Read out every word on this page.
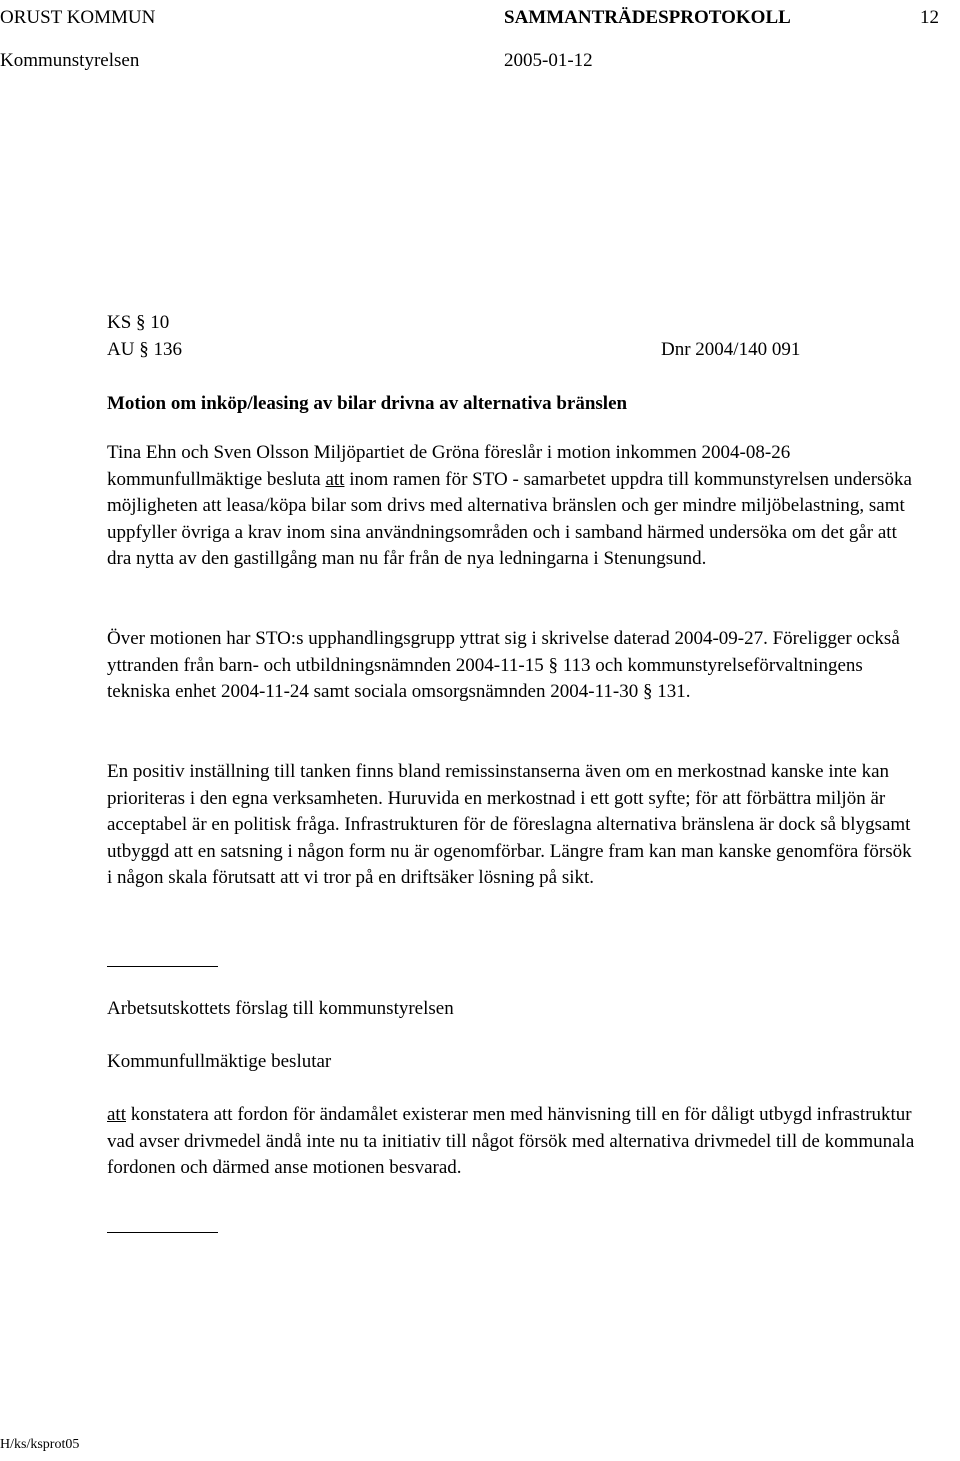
ORUST KOMMUN	SAMMANTRÄDESPROTOKOLL	12
Kommunstyrelsen	2005-01-12
KS § 10
AU § 136	Dnr 2004/140 091
Motion om inköp/leasing av bilar drivna av alternativa bränslen

Tina Ehn och Sven Olsson Miljöpartiet de Gröna föreslår i motion inkommen 2004-08-26 kommunfullmäktige besluta att inom ramen för STO - samarbetet uppdra till kommunstyrelsen undersöka möjligheten att leasa/köpa bilar som drivs med alternativa bränslen och ger mindre miljöbelastning, samt uppfyller övriga a krav inom sina användningsområden och i samband härmed undersöka om det går att dra nytta av den gastillgång man nu får från de nya ledningarna i Stenungsund.

Över motionen har STO:s upphandlingsgrupp yttrat sig i skrivelse daterad 2004-09-27. Föreligger också yttranden från barn- och utbildningsnämnden 2004-11-15 § 113 och kommunstyrelseförvaltningens tekniska enhet 2004-11-24 samt sociala omsorgsnämnden 2004-11-30 § 131.

En positiv inställning till tanken finns bland remissinstanserna även om en merkostnad kanske inte kan prioriteras i den egna verksamheten. Huruvida en merkostnad i ett gott syfte; för att förbättra miljön är acceptabel är en politisk fråga. Infrastrukturen för de föreslagna alternativa bränslena är dock så blygsamt utbyggd att en satsning i någon form nu är ogenomförbar. Längre fram kan man kanske genomföra försök i någon skala förutsatt att vi tror på en driftsäker lösning på sikt.

Arbetsutskottets förslag till kommunstyrelsen
Kommunfullmäktige beslutar

att konstatera att fordon för ändamålet existerar men med hänvisning till en för dåligt utbygd infrastruktur vad avser drivmedel ändå inte nu ta initiativ till något försök med alternativa drivmedel till de kommunala fordonen och därmed anse motionen besvarad.

H/ks/ksprot05
